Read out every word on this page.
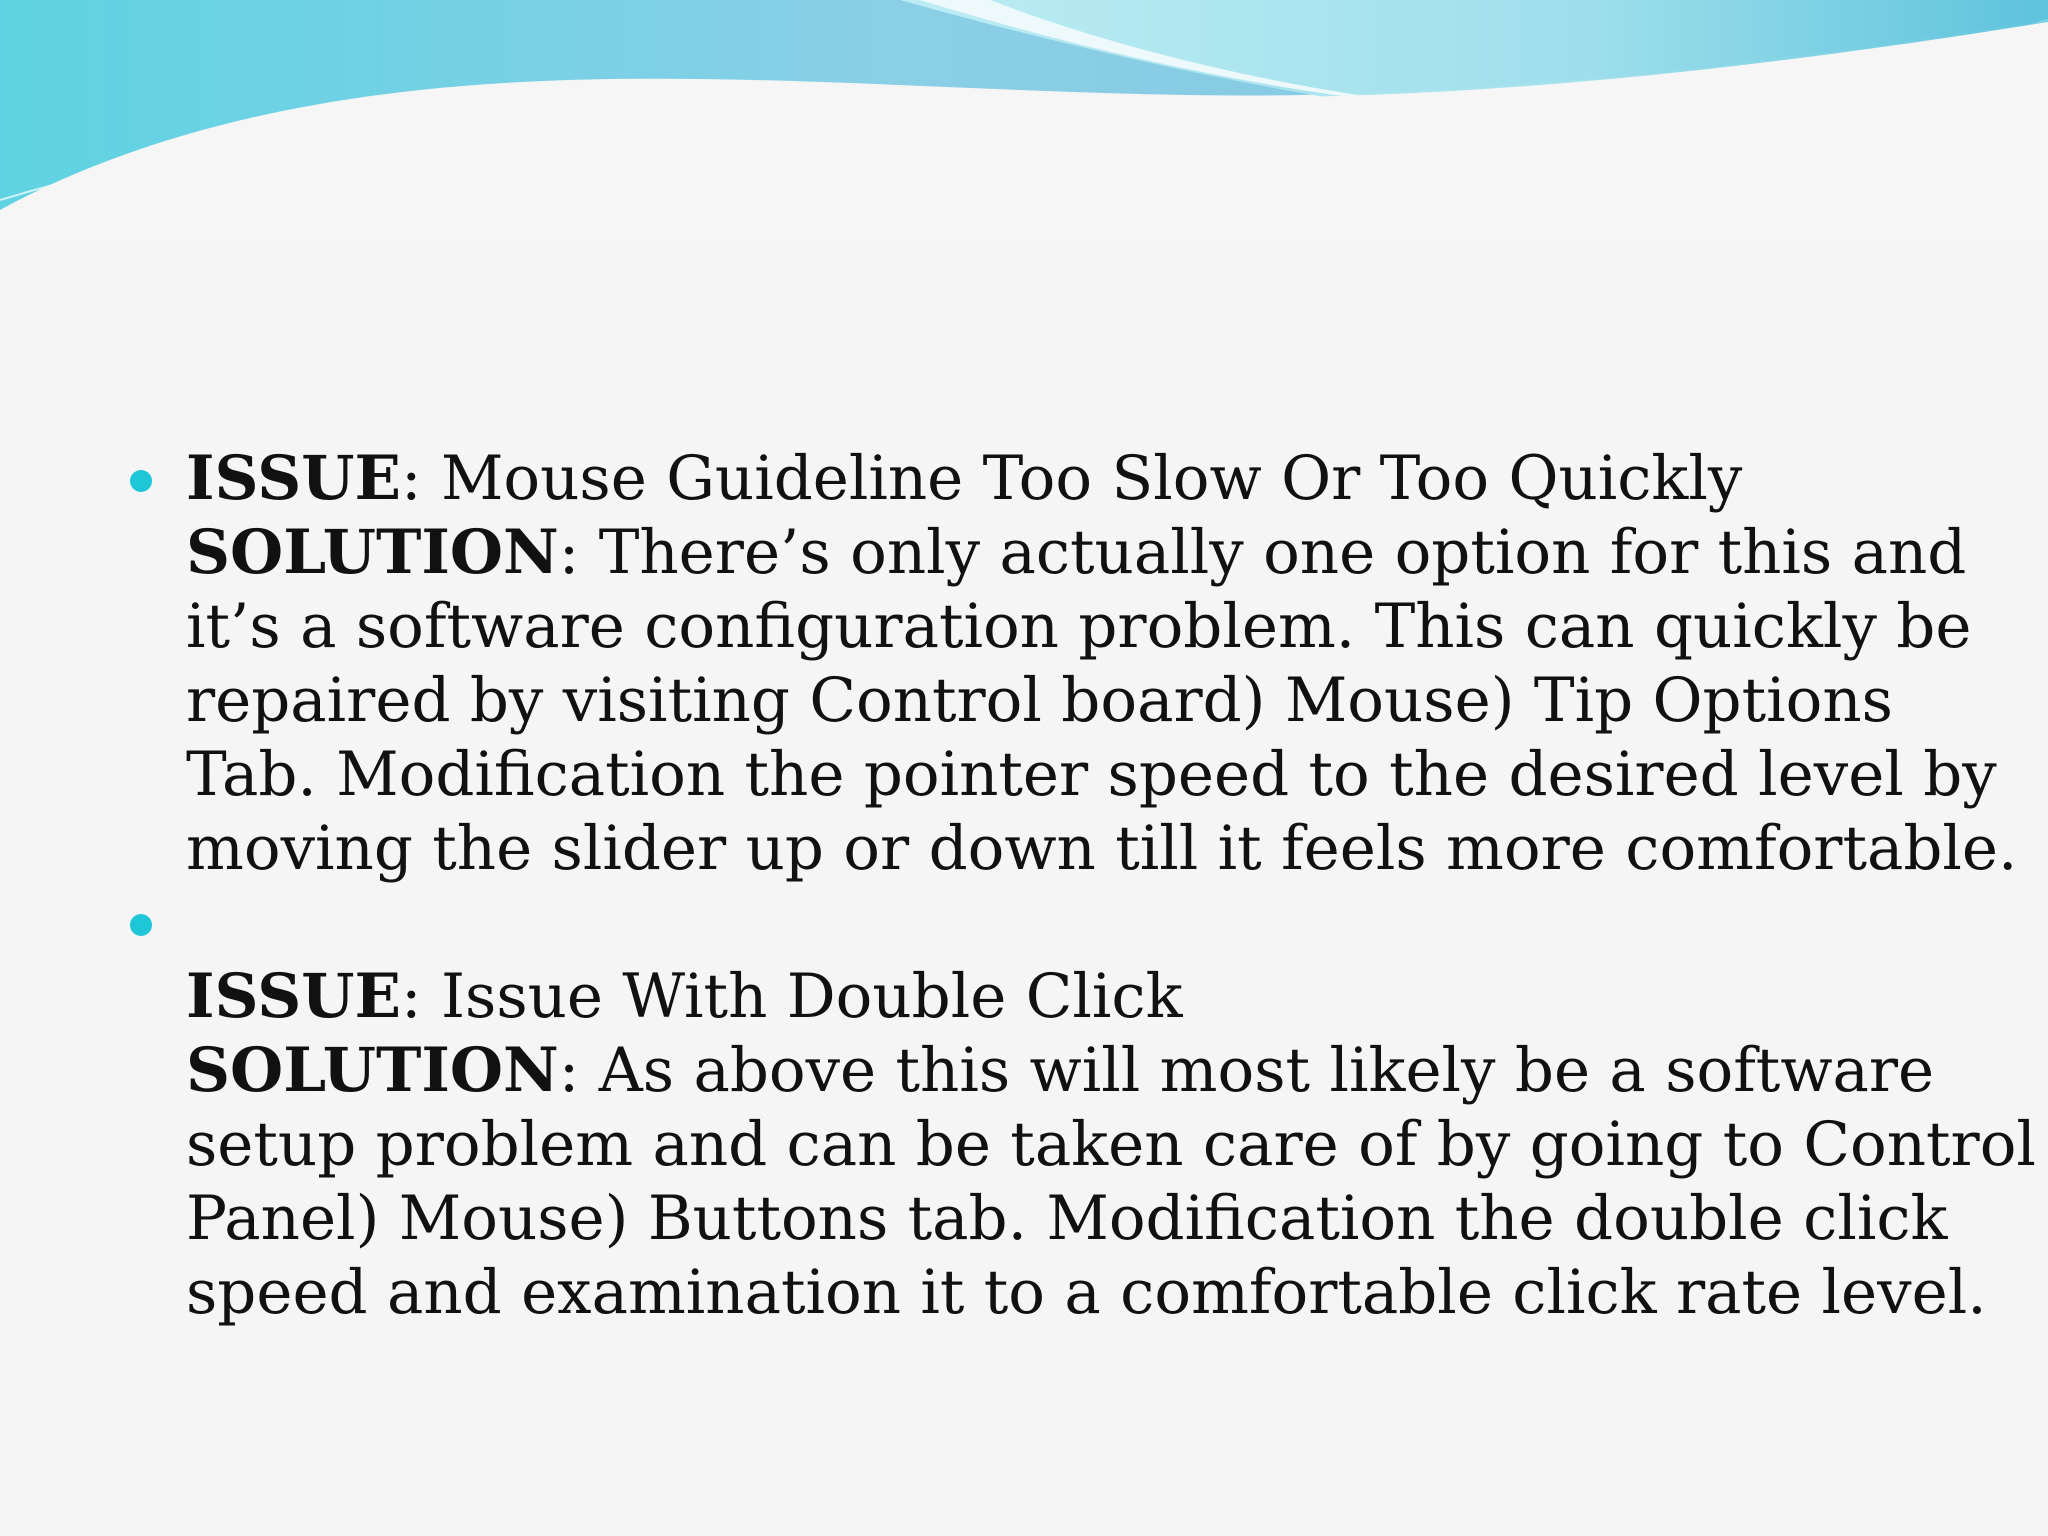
ISSUE: Mouse Guideline Too Slow Or Too Quickly
SOLUTION: There’s only actually one option for this and
it’s a software configuration problem. This can quickly be
repaired by visiting Control board) Mouse) Tip Options
Tab. Modification the pointer speed to the desired level by
moving the slider up or down till it feels more comfortable.
ISSUE: Issue With Double Click
SOLUTION: As above this will most likely be a software
setup problem and can be taken care of by going to Control
Panel) Mouse) Buttons tab. Modification the double click
speed and examination it to a comfortable click rate level.
